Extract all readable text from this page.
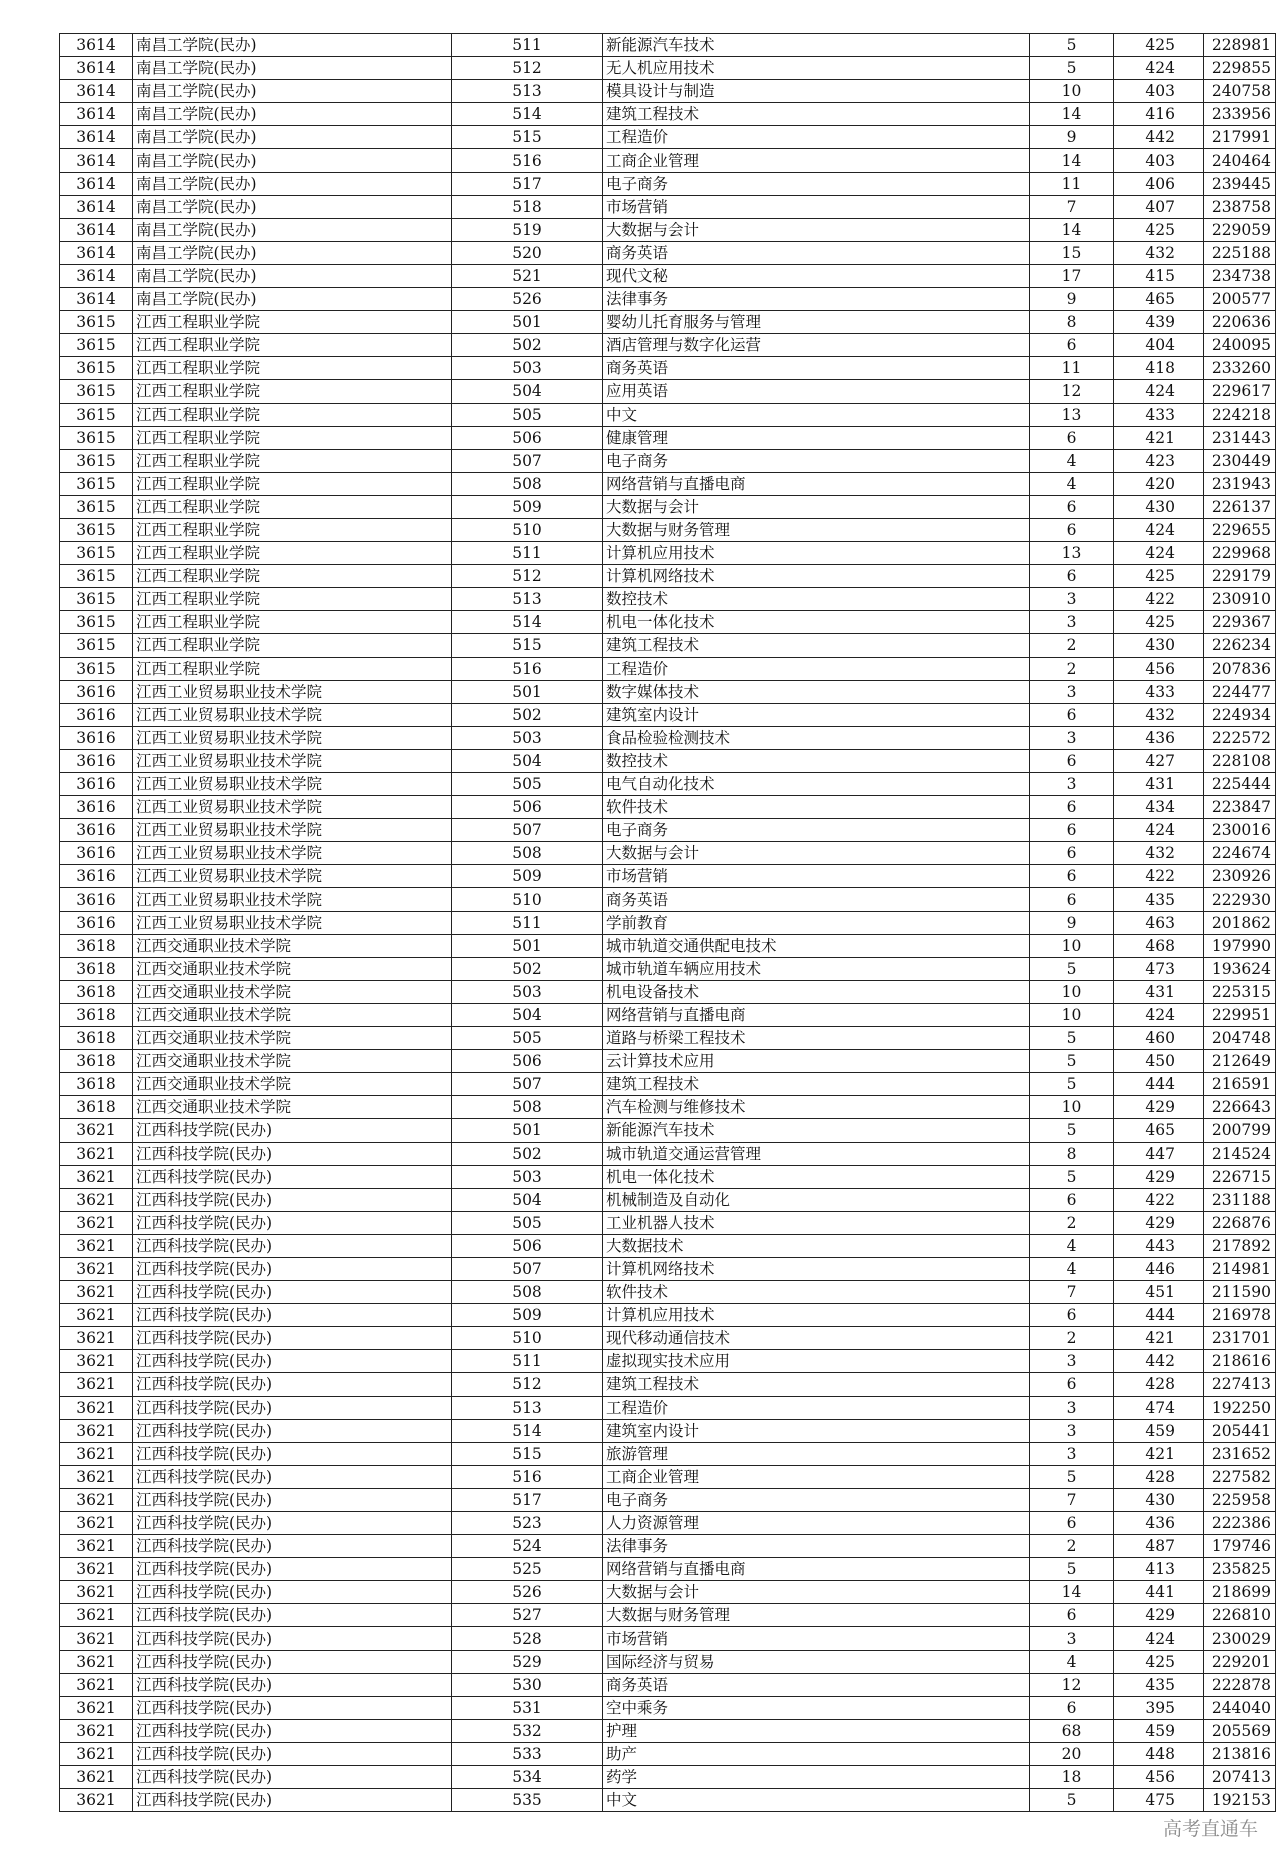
3614	南昌工学院(民办)	511	新能源汽车技术	5	425	228981
3614	南昌工学院(民办)	512	无人机应用技术	5	424	229855
3614	南昌工学院(民办)	513	模具设计与制造	10	403	240758
3614	南昌工学院(民办)	514	建筑工程技术	14	416	233956
3614	南昌工学院(民办)	515	工程造价	9	442	217991
3614	南昌工学院(民办)	516	工商企业管理	14	403	240464
3614	南昌工学院(民办)	517	电子商务	11	406	239445
3614	南昌工学院(民办)	518	市场营销	7	407	238758
3614	南昌工学院(民办)	519	大数据与会计	14	425	229059
3614	南昌工学院(民办)	520	商务英语	15	432	225188
3614	南昌工学院(民办)	521	现代文秘	17	415	234738
3614	南昌工学院(民办)	526	法律事务	9	465	200577
3615	江西工程职业学院	501	婴幼儿托育服务与管理	8	439	220636
3615	江西工程职业学院	502	酒店管理与数字化运营	6	404	240095
3615	江西工程职业学院	503	商务英语	11	418	233260
3615	江西工程职业学院	504	应用英语	12	424	229617
3615	江西工程职业学院	505	中文	13	433	224218
3615	江西工程职业学院	506	健康管理	6	421	231443
3615	江西工程职业学院	507	电子商务	4	423	230449
3615	江西工程职业学院	508	网络营销与直播电商	4	420	231943
3615	江西工程职业学院	509	大数据与会计	6	430	226137
3615	江西工程职业学院	510	大数据与财务管理	6	424	229655
3615	江西工程职业学院	511	计算机应用技术	13	424	229968
3615	江西工程职业学院	512	计算机网络技术	6	425	229179
3615	江西工程职业学院	513	数控技术	3	422	230910
3615	江西工程职业学院	514	机电一体化技术	3	425	229367
3615	江西工程职业学院	515	建筑工程技术	2	430	226234
3615	江西工程职业学院	516	工程造价	2	456	207836
3616	江西工业贸易职业技术学院	501	数字媒体技术	3	433	224477
3616	江西工业贸易职业技术学院	502	建筑室内设计	6	432	224934
3616	江西工业贸易职业技术学院	503	食品检验检测技术	3	436	222572
3616	江西工业贸易职业技术学院	504	数控技术	6	427	228108
3616	江西工业贸易职业技术学院	505	电气自动化技术	3	431	225444
3616	江西工业贸易职业技术学院	506	软件技术	6	434	223847
3616	江西工业贸易职业技术学院	507	电子商务	6	424	230016
3616	江西工业贸易职业技术学院	508	大数据与会计	6	432	224674
3616	江西工业贸易职业技术学院	509	市场营销	6	422	230926
3616	江西工业贸易职业技术学院	510	商务英语	6	435	222930
3616	江西工业贸易职业技术学院	511	学前教育	9	463	201862
3618	江西交通职业技术学院	501	城市轨道交通供配电技术	10	468	197990
3618	江西交通职业技术学院	502	城市轨道车辆应用技术	5	473	193624
3618	江西交通职业技术学院	503	机电设备技术	10	431	225315
3618	江西交通职业技术学院	504	网络营销与直播电商	10	424	229951
3618	江西交通职业技术学院	505	道路与桥梁工程技术	5	460	204748
3618	江西交通职业技术学院	506	云计算技术应用	5	450	212649
3618	江西交通职业技术学院	507	建筑工程技术	5	444	216591
3618	江西交通职业技术学院	508	汽车检测与维修技术	10	429	226643
3621	江西科技学院(民办)	501	新能源汽车技术	5	465	200799
3621	江西科技学院(民办)	502	城市轨道交通运营管理	8	447	214524
3621	江西科技学院(民办)	503	机电一体化技术	5	429	226715
3621	江西科技学院(民办)	504	机械制造及自动化	6	422	231188
3621	江西科技学院(民办)	505	工业机器人技术	2	429	226876
3621	江西科技学院(民办)	506	大数据技术	4	443	217892
3621	江西科技学院(民办)	507	计算机网络技术	4	446	214981
3621	江西科技学院(民办)	508	软件技术	7	451	211590
3621	江西科技学院(民办)	509	计算机应用技术	6	444	216978
3621	江西科技学院(民办)	510	现代移动通信技术	2	421	231701
3621	江西科技学院(民办)	511	虚拟现实技术应用	3	442	218616
3621	江西科技学院(民办)	512	建筑工程技术	6	428	227413
3621	江西科技学院(民办)	513	工程造价	3	474	192250
3621	江西科技学院(民办)	514	建筑室内设计	3	459	205441
3621	江西科技学院(民办)	515	旅游管理	3	421	231652
3621	江西科技学院(民办)	516	工商企业管理	5	428	227582
3621	江西科技学院(民办)	517	电子商务	7	430	225958
3621	江西科技学院(民办)	523	人力资源管理	6	436	222386
3621	江西科技学院(民办)	524	法律事务	2	487	179746
3621	江西科技学院(民办)	525	网络营销与直播电商	5	413	235825
3621	江西科技学院(民办)	526	大数据与会计	14	441	218699
3621	江西科技学院(民办)	527	大数据与财务管理	6	429	226810
3621	江西科技学院(民办)	528	市场营销	3	424	230029
3621	江西科技学院(民办)	529	国际经济与贸易	4	425	229201
3621	江西科技学院(民办)	530	商务英语	12	435	222878
3621	江西科技学院(民办)	531	空中乘务	6	395	244040
3621	江西科技学院(民办)	532	护理	68	459	205569
3621	江西科技学院(民办)	533	助产	20	448	213816
3621	江西科技学院(民办)	534	药学	18	456	207413
3621	江西科技学院(民办)	535	中文	5	475	192153
高考直通车
